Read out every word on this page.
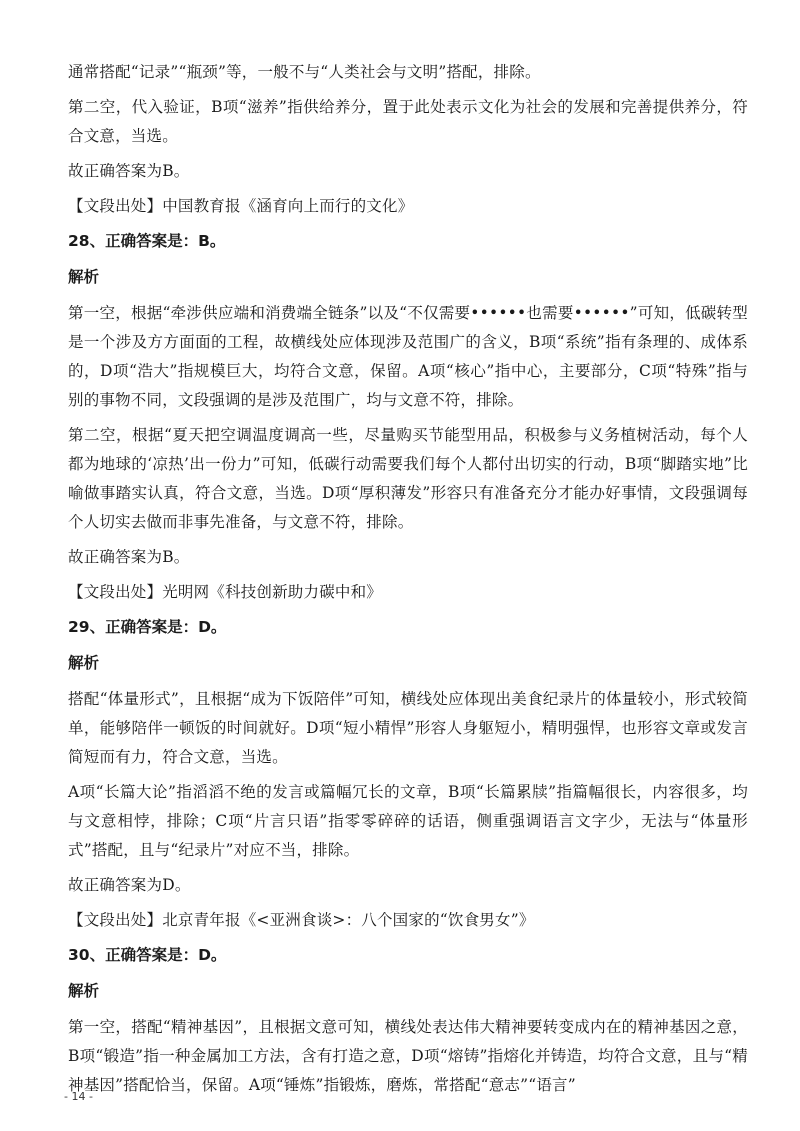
通常搭配“记录”“瓶颈”等，一般不与“人类社会与文明”搭配，排除。

第二空，代入验证，B项“滋养”指供给养分，置于此处表示文化为社会的发展和完善提供养分，符合文意，当选。

故正确答案为B。

【文段出处】中国教育报《涵育向上而行的文化》

28、正确答案是：B。

解析

第一空，根据“牵涉供应端和消费端全链条”以及“不仅需要••••••也需要••••••”可知，低碳转型是一个涉及方方面面的工程，故横线处应体现涉及范围广的含义，B项“系统”指有条理的、成体系的，D项“浩大”指规模巨大，均符合文意，保留。A项“核心”指中心，主要部分，C项“特殊”指与别的事物不同，文段强调的是涉及范围广，均与文意不符，排除。

第二空，根据“夏天把空调温度调高一些，尽量购买节能型用品，积极参与义务植树活动，每个人都为地球的‘凉热’出一份力”可知，低碳行动需要我们每个人都付出切实的行动，B项“脚踏实地”比喻做事踏实认真，符合文意，当选。D项“厚积薄发”形容只有准备充分才能办好事情，文段强调每个人切实去做而非事先准备，与文意不符，排除。

故正确答案为B。

【文段出处】光明网《科技创新助力碳中和》

29、正确答案是：D。

解析

搭配“体量形式”，且根据“成为下饭陪伴”可知，横线处应体现出美食纪录片的体量较小，形式较简单，能够陪伴一顿饭的时间就好。D项“短小精悍”形容人身躯短小，精明强悍，也形容文章或发言简短而有力，符合文意，当选。

A项“长篇大论”指滔滔不绝的发言或篇幅冗长的文章，B项“长篇累牍”指篇幅很长，内容很多，均与文意相悖，排除；C项“片言只语”指零零碎碎的话语，侧重强调语言文字少，无法与“体量形式”搭配，且与“纪录片”对应不当，排除。

故正确答案为D。

【文段出处】北京青年报《<亚洲食谈>：八个国家的“饮食男女”》

30、正确答案是：D。

解析

第一空，搭配“精神基因”，且根据文意可知，横线处表达伟大精神要转变成内在的精神基因之意，B项“锻造”指一种金属加工方法，含有打造之意，D项“熔铸”指熔化并铸造，均符合文意，且与“精神基因”搭配恰当，保留。A项“锤炼”指锻炼，磨炼，常搭配“意志”“语言”

- 14 -
